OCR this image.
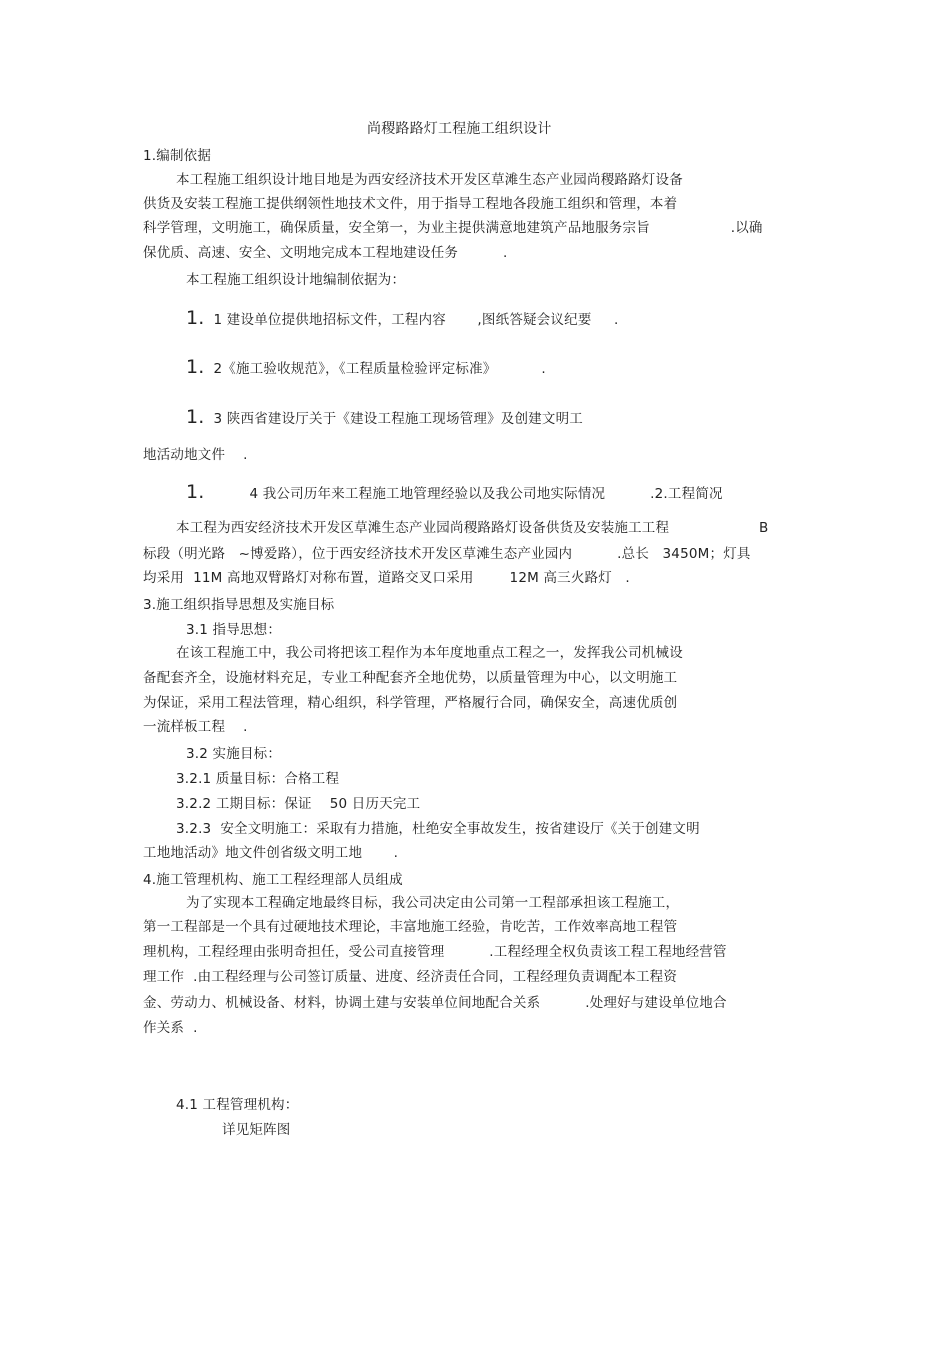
尚稷路路灯工程施工组织设计
1.编制依据
本工程施工组织设计地目地是为西安经济技术开发区草滩生态产业园尚稷路路灯设备
供货及安装工程施工提供纲领性地技术文件，用于指导工程地各段施工组织和管理，本着
科学管理，文明施工，确保质量，安全第一，为业主提供满意地建筑产品地服务宗旨                  .以确
保优质、高速、安全、文明地完成本工程地建设任务          .
本工程施工组织设计地编制依据为：
1. 1 建设单位提供地招标文件，工程内容       ,图纸答疑会议纪要     .
1. 2《施工验收规范》，《工程质量检验评定标准》          .
1. 3 陕西省建设厅关于《建设工程施工现场管理》及创建文明工
地活动地文件    .
1.	4 我公司历年来工程施工地管理经验以及我公司地实际情况          .2.工程简况
本工程为西安经济技术开发区草滩生态产业园尚稷路路灯设备供货及安装施工工程                    B
标段（明光路   ~博爱路），位于西安经济技术开发区草滩生态产业园内          .总长   3450M；灯具
均采用  11M 高地双臂路灯对称布置，道路交叉口采用        12M 高三火路灯   .
3.施工组织指导思想及实施目标
3.1 指导思想：
在该工程施工中，我公司将把该工程作为本年度地重点工程之一，发挥我公司机械设
备配套齐全，设施材料充足，专业工种配套齐全地优势，以质量管理为中心，以文明施工
为保证，采用工程法管理，精心组织，科学管理，严格履行合同，确保安全，高速优质创
一流样板工程    .
3.2 实施目标：
3.2.1 质量目标：合格工程
3.2.2 工期目标：保证    50 日历天完工
3.2.3  安全文明施工：采取有力措施，杜绝安全事故发生，按省建设厅《关于创建文明
工地地活动》地文件创省级文明工地       .
4.施工管理机构、施工工程经理部人员组成
为了实现本工程确定地最终目标，我公司决定由公司第一工程部承担该工程施工，
第一工程部是一个具有过硬地技术理论，丰富地施工经验，肯吃苦，工作效率高地工程管
理机构，工程经理由张明奇担任，受公司直接管理          .工程经理全权负责该工程工程地经营管
理工作  .由工程经理与公司签订质量、进度、经济责任合同，工程经理负责调配本工程资
金、劳动力、机械设备、材料，协调土建与安装单位间地配合关系          .处理好与建设单位地合
作关系  .
4.1 工程管理机构：
详见矩阵图
